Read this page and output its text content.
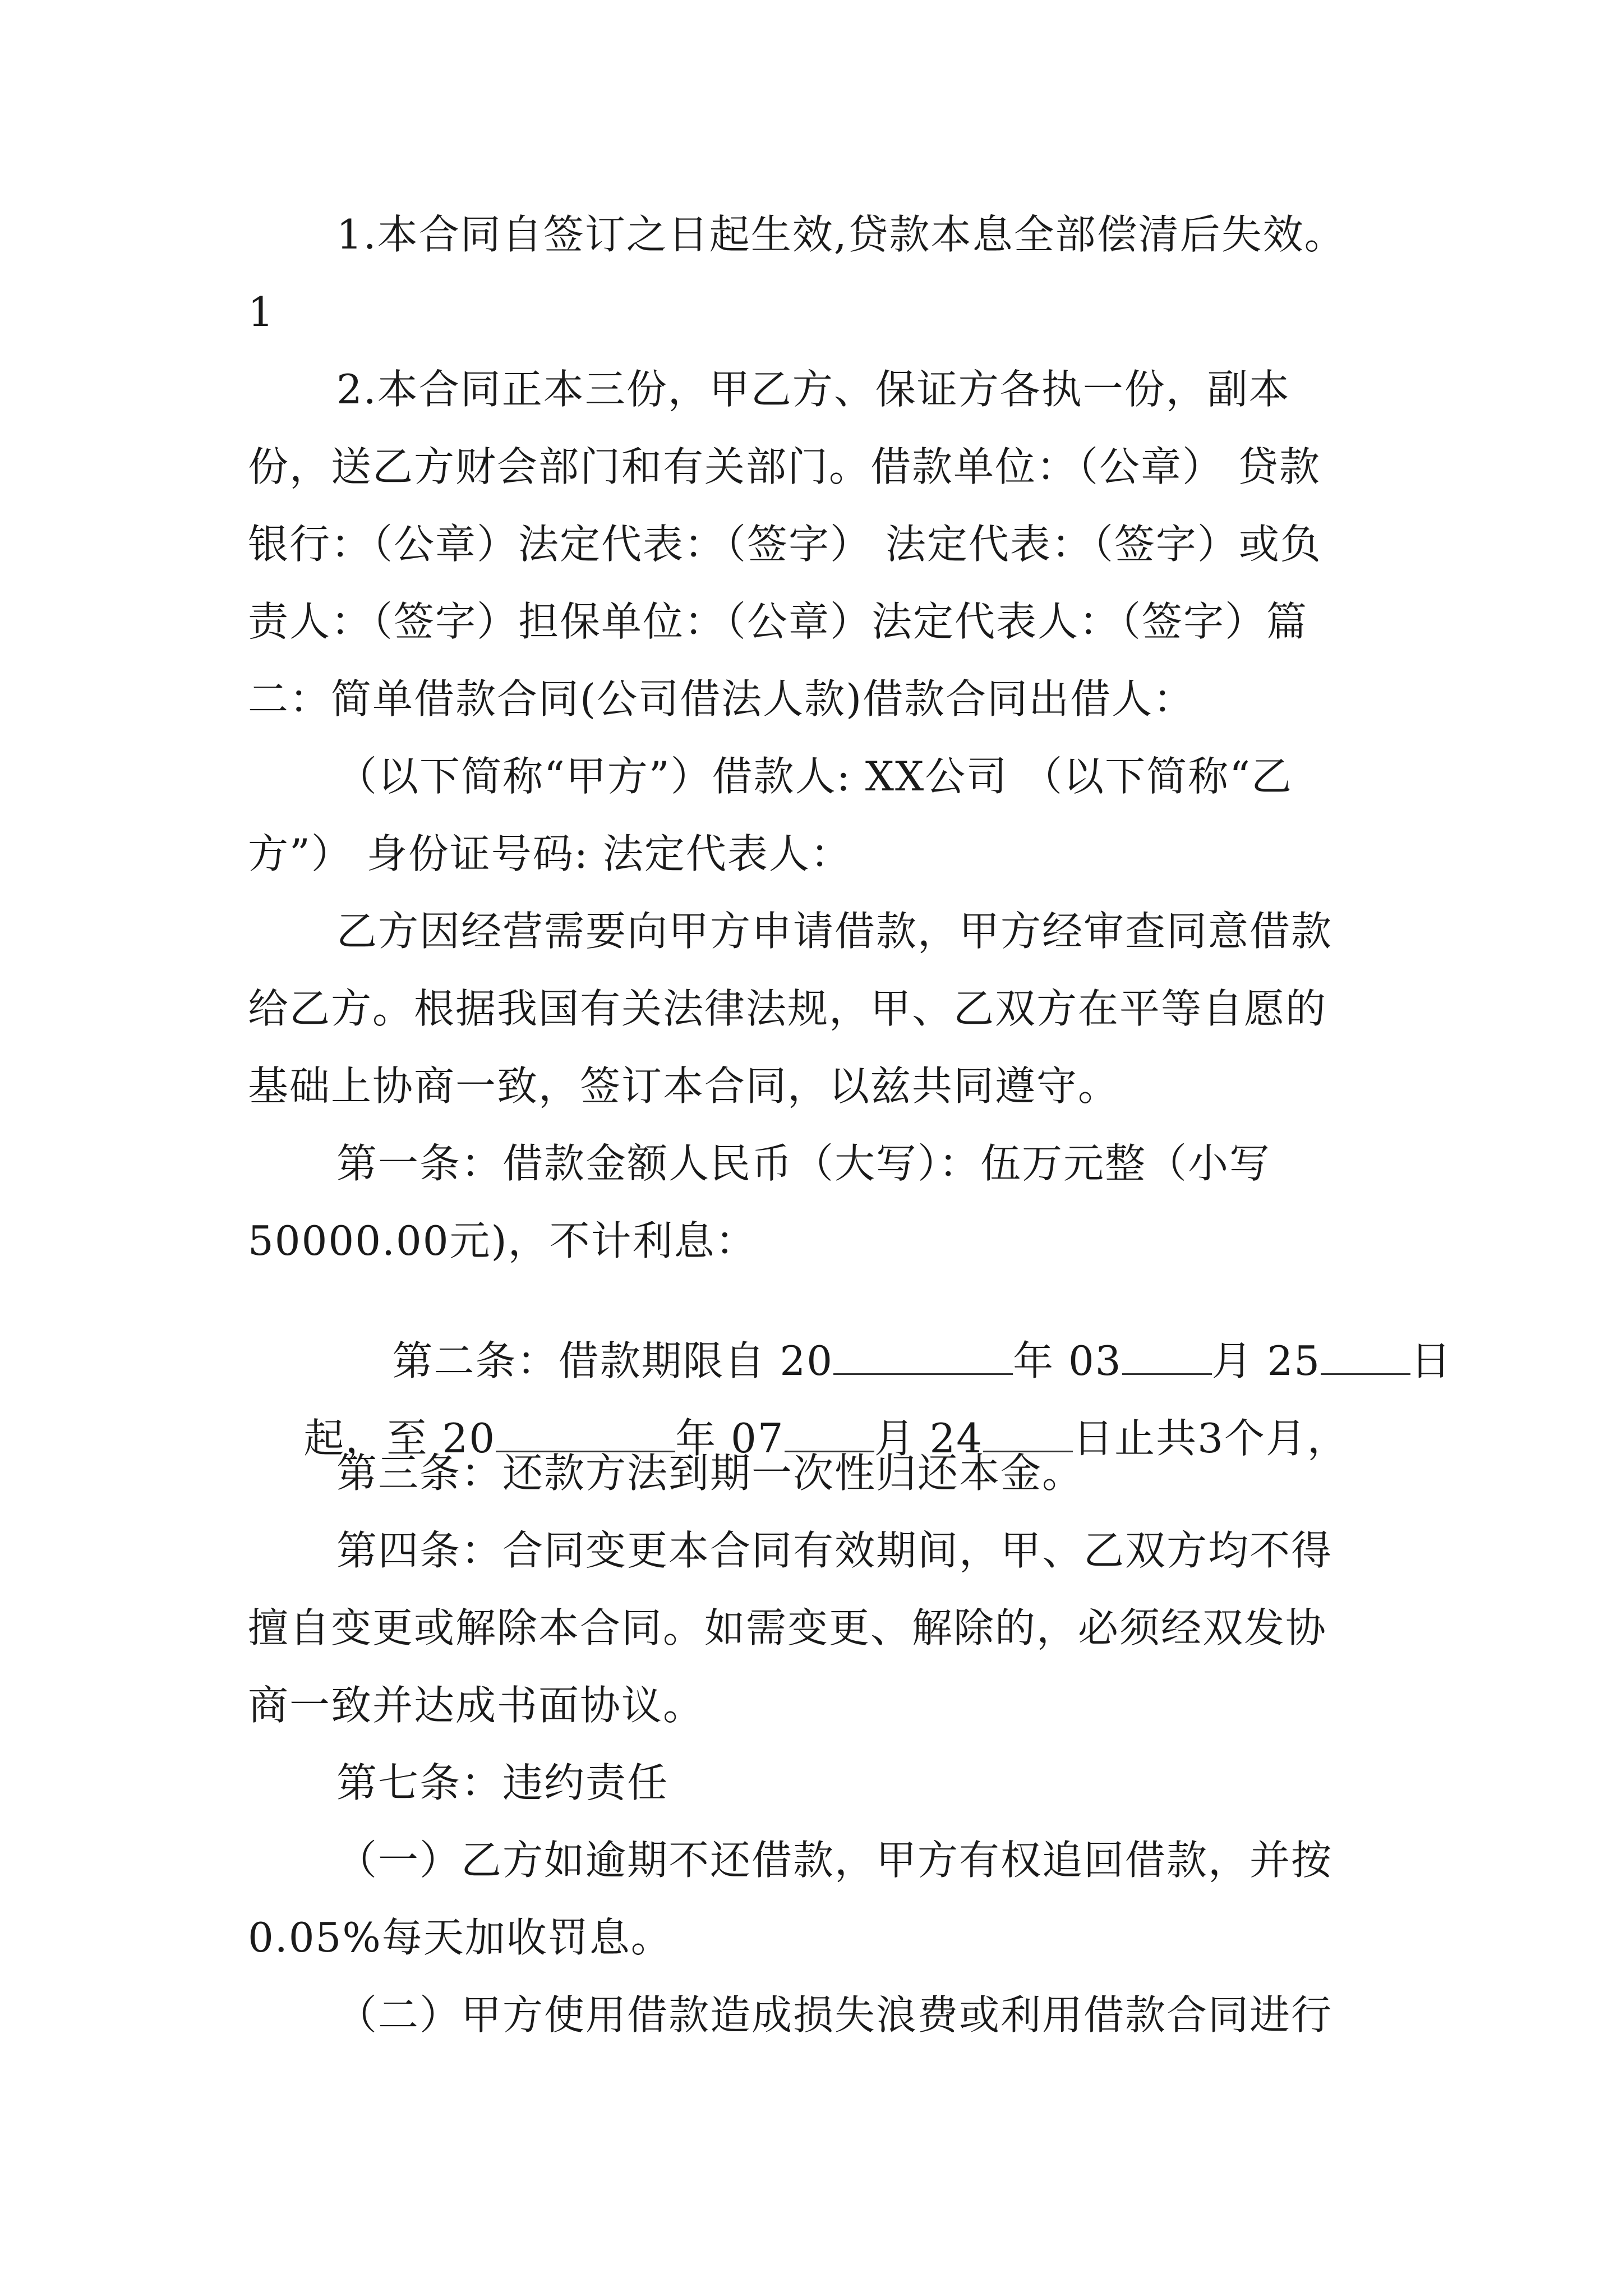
1.本合同自签订之日起生效,贷款本息全部偿清后失效。
1
2.本合同正本三份，甲乙方、保证方各执一份，副本
份，送乙方财会部门和有关部门。借款单位：（公章） 贷款
银行：（公章）法定代表：（签字） 法定代表：（签字）或负
责人：（签字）担保单位：（公章）法定代表人：（签字）篇
二：简单借款合同(公司借法人款)借款合同出借人：
（以下简称“甲方”）借款人: XX公司 （以下简称“乙
方”） 身份证号码: 法定代表人：
乙方因经营需要向甲方申请借款，甲方经审查同意借款
给乙方。根据我国有关法律法规，甲、乙双方在平等自愿的
基础上协商一致，签订本合同，以兹共同遵守。
第一条：借款金额人民币（大写）：伍万元整（小写
50000.00元)，不计利息：

第二条：借款期限自 20	年 03 月 25 日

起，至 20	年 07 月 24 日止共3个月，

第三条：还款方法到期一次性归还本金。
第四条：合同变更本合同有效期间，甲、乙双方均不得
擅自变更或解除本合同。如需变更、解除的，必须经双发协
商一致并达成书面协议。
第七条：违约责任
（一）乙方如逾期不还借款，甲方有权追回借款，并按
0.05%每天加收罚息。
（二）甲方使用借款造成损失浪费或利用借款合同进行
